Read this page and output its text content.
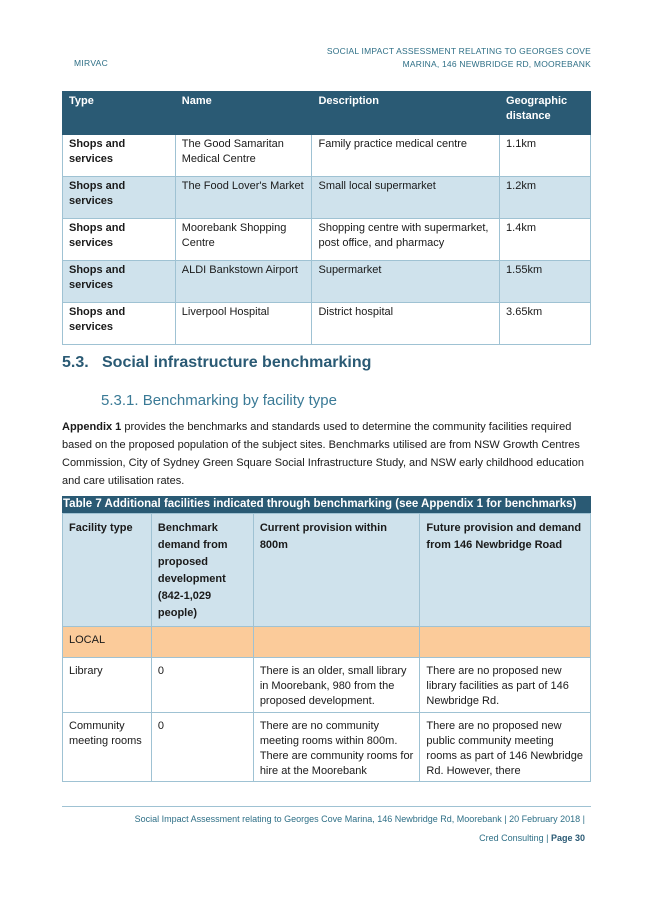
MIRVAC
SOCIAL IMPACT ASSESSMENT RELATING TO GEORGES COVE
MARINA, 146 NEWBRIDGE RD, MOOREBANK
Type	Name	Description	Geographic distance
Shops and services	The Good Samaritan Medical Centre	Family practice medical centre	1.1km
Shops and services	The Food Lover's Market	Small local supermarket	1.2km
Shops and services	Moorebank Shopping Centre	Shopping centre with supermarket, post office, and pharmacy	1.4km
Shops and services	ALDI Bankstown Airport	Supermarket	1.55km
Shops and services	Liverpool Hospital	District hospital	3.65km
5.3. Social infrastructure benchmarking
5.3.1. Benchmarking by facility type
Appendix 1 provides the benchmarks and standards used to determine the community facilities required based on the proposed population of the subject sites. Benchmarks utilised are from NSW Growth Centres Commission, City of Sydney Green Square Social Infrastructure Study, and NSW early childhood education and care utilisation rates.
Table 7 Additional facilities indicated through benchmarking (see Appendix 1 for benchmarks)
Facility type	Benchmark demand from proposed development (842-1,029 people)	Current provision within 800m	Future provision and demand from 146 Newbridge Road
LOCAL			
Library	0	There is an older, small library in Moorebank, 980 from the proposed development.	There are no proposed new library facilities as part of 146 Newbridge Rd.
Community meeting rooms	0	There are no community meeting rooms within 800m. There are community rooms for hire at the Moorebank	There are no proposed new public community meeting rooms as part of 146 Newbridge Rd. However, there
Social Impact Assessment relating to Georges Cove Marina, 146 Newbridge Rd, Moorebank | 20 February 2018 |
Cred Consulting | Page 30
